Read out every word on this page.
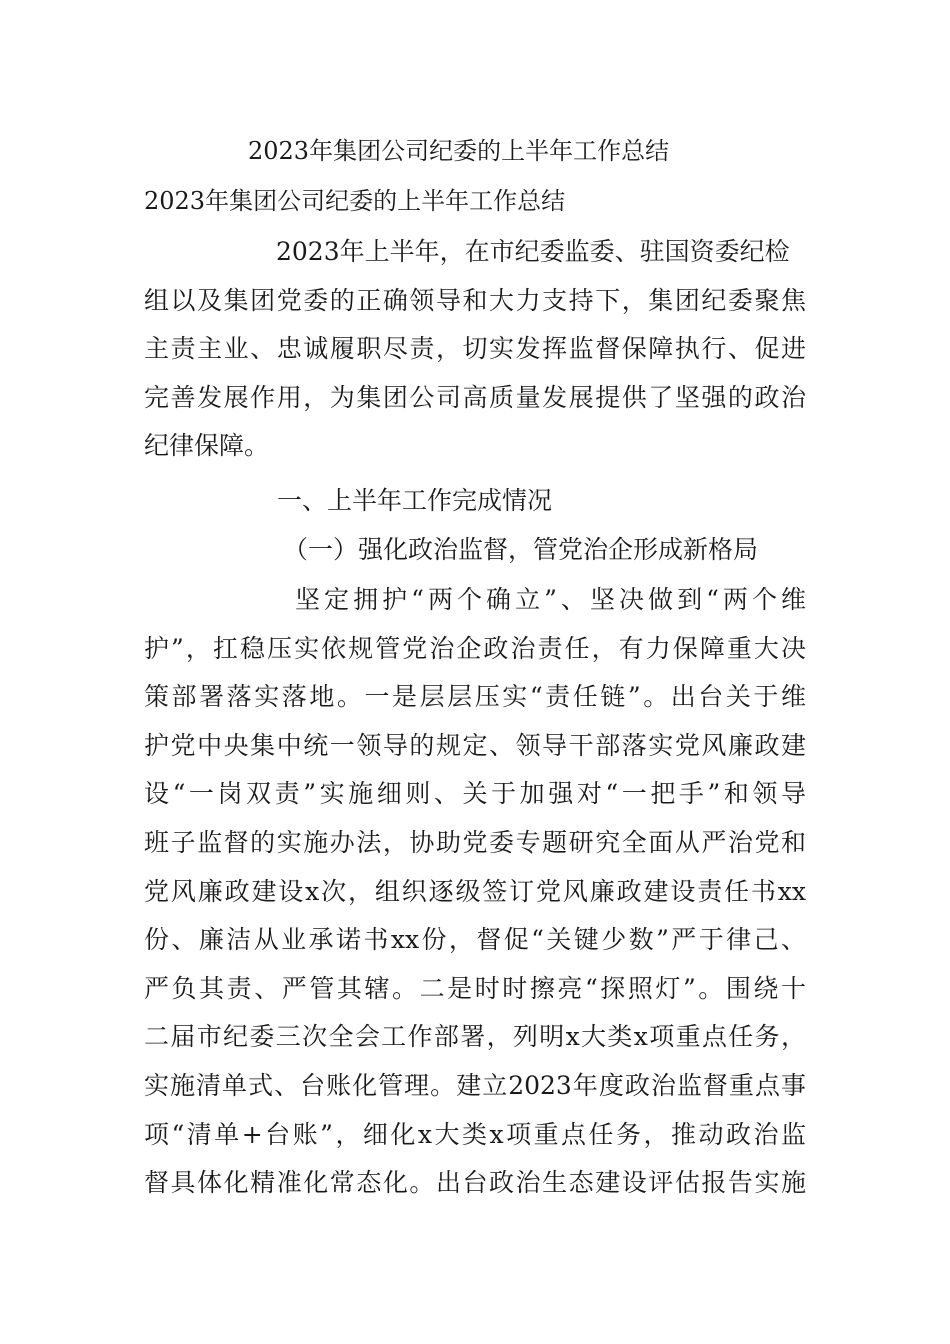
2023年集团公司纪委的上半年工作总结
2023年集团公司纪委的上半年工作总结
2023年上半年，在市纪委监委、驻国资委纪检
组以及集团党委的正确领导和大力支持下，集团纪委聚焦
主责主业、忠诚履职尽责，切实发挥监督保障执行、促进
完善发展作用，为集团公司高质量发展提供了坚强的政治
纪律保障。
一、上半年工作完成情况
（一）强化政治监督，管党治企形成新格局
坚定拥护“两个确立”、坚决做到“两个维
护”，扛稳压实依规管党治企政治责任，有力保障重大决
策部署落实落地。一是层层压实“责任链”。出台关于维
护党中央集中统一领导的规定、领导干部落实党风廉政建
设“一岗双责”实施细则、关于加强对“一把手”和领导
班子监督的实施办法，协助党委专题研究全面从严治党和
党风廉政建设x次，组织逐级签订党风廉政建设责任书xx
份、廉洁从业承诺书xx份，督促“关键少数”严于律己、
严负其责、严管其辖。二是时时擦亮“探照灯”。围绕十
二届市纪委三次全会工作部署，列明x大类x项重点任务，
实施清单式、台账化管理。建立2023年度政治监督重点事
项“清单+台账”，细化x大类x项重点任务，推动政治监
督具体化精准化常态化。出台政治生态建设评估报告实施
